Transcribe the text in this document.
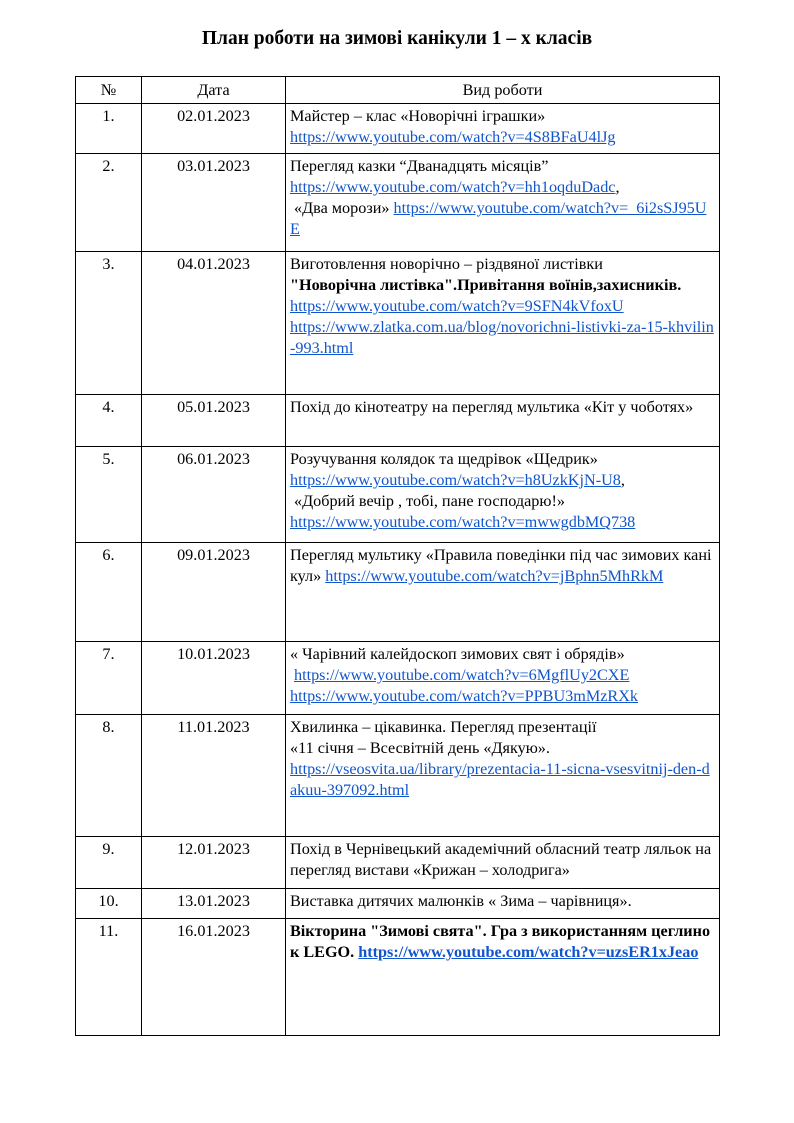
План роботи на зимові канікули 1 – х класів
№	Дата	Вид роботи
1.	02.01.2023	Майстер – клас «Новорічні іграшки»
https://www.youtube.com/watch?v=4S8BFaU4lJg
2.	03.01.2023	Перегляд казки “Дванадцять місяців”
https://www.youtube.com/watch?v=hh1oqduDadc,
«Два морози» https://www.youtube.com/watch?v=_6i2sSJ95UE
3.	04.01.2023	Виготовлення новорічно – різдвяної листівки
"Новорічна листівка".Привітання воїнів,захисників.
https://www.youtube.com/watch?v=9SFN4kVfoxU
https://www.zlatka.com.ua/blog/novorichni-listivki-za-15-khvilin-993.html
4.	05.01.2023	Похід до кінотеатру на перегляд мультика «Кіт у чоботях»
5.	06.01.2023	Розучування колядок та щедрівок «Щедрик»
https://www.youtube.com/watch?v=h8UzkKjN-U8,
«Добрий вечір , тобі, пане господарю!»
https://www.youtube.com/watch?v=mwwgdbMQ738
6.	09.01.2023	Перегляд мультику «Правила поведінки під час зимових канікул» https://www.youtube.com/watch?v=jBphn5MhRkM
7.	10.01.2023	« Чарівний калейдоскоп зимових свят і обрядів»
https://www.youtube.com/watch?v=6MgflUy2CXE
https://www.youtube.com/watch?v=PPBU3mMzRXk
8.	11.01.2023	Хвилинка – цікавинка. Перегляд презентації
«11 січня – Всесвітній день «Дякую».
https://vseosvita.ua/library/prezentacia-11-sicna-vsesvitnij-den-dakuu-397092.html
9.	12.01.2023	Похід в Чернівецький академічний обласний театр ляльок на перегляд вистави «Крижан – холодрига»
10.	13.01.2023	Виставка дитячих малюнків « Зима – чарівниця».
11.	16.01.2023	Вікторина "Зимові свята". Гра з використанням цеглинок LEGO. https://www.youtube.com/watch?v=uzsER1xJeao
